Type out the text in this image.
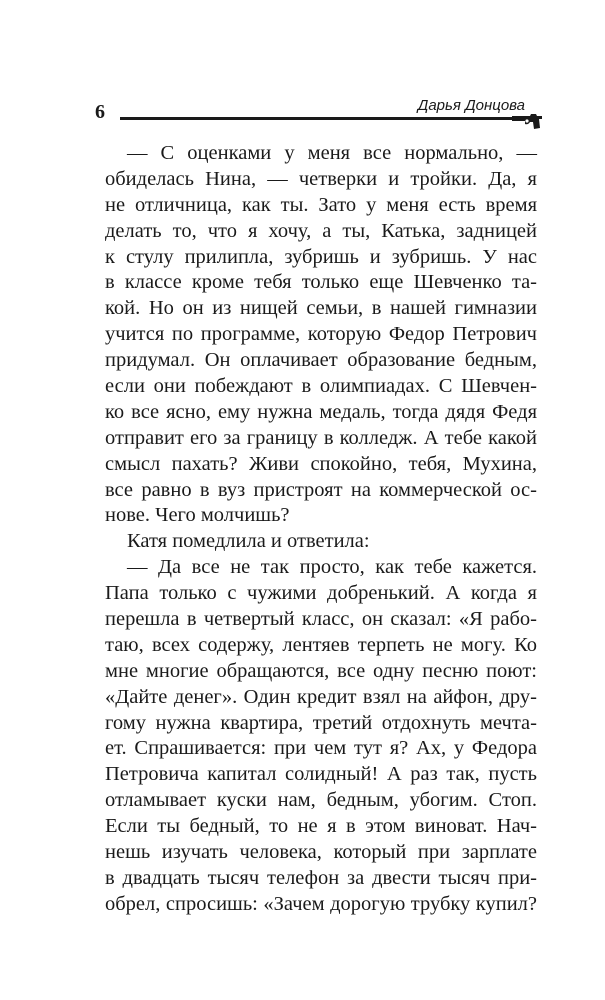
6	Дарья Донцова
— С оценками у меня все нормально, —
обиделась Нина, — четверки и тройки. Да, я
не отличница, как ты. Зато у меня есть время
делать то, что я хочу, а ты, Катька, задницей
к стулу прилипла, зубришь и зубришь. У нас
в классе кроме тебя только еще Шевченко та-
кой. Но он из нищей семьи, в нашей гимназии
учится по программе, которую Федор Петрович
придумал. Он оплачивает образование бедным,
если они побеждают в олимпиадах. С Шевчен-
ко все ясно, ему нужна медаль, тогда дядя Федя
отправит его за границу в колледж. А тебе какой
смысл пахать? Живи спокойно, тебя, Мухина,
все равно в вуз пристроят на коммерческой ос-
нове. Чего молчишь?
Катя помедлила и ответила:
— Да все не так просто, как тебе кажется.
Папа только с чужими добренький. А когда я
перешла в четвертый класс, он сказал: «Я рабо-
таю, всех содержу, лентяев терпеть не могу. Ко
мне многие обращаются, все одну песню поют:
«Дайте денег». Один кредит взял на айфон, дру-
гому нужна квартира, третий отдохнуть мечта-
ет. Спрашивается: при чем тут я? Ах, у Федора
Петровича капитал солидный! А раз так, пусть
отламывает куски нам, бедным, убогим. Стоп.
Если ты бедный, то не я в этом виноват. Нач-
нешь изучать человека, который при зарплате
в двадцать тысяч телефон за двести тысяч при-
обрел, спросишь: «Зачем дорогую трубку купил?
